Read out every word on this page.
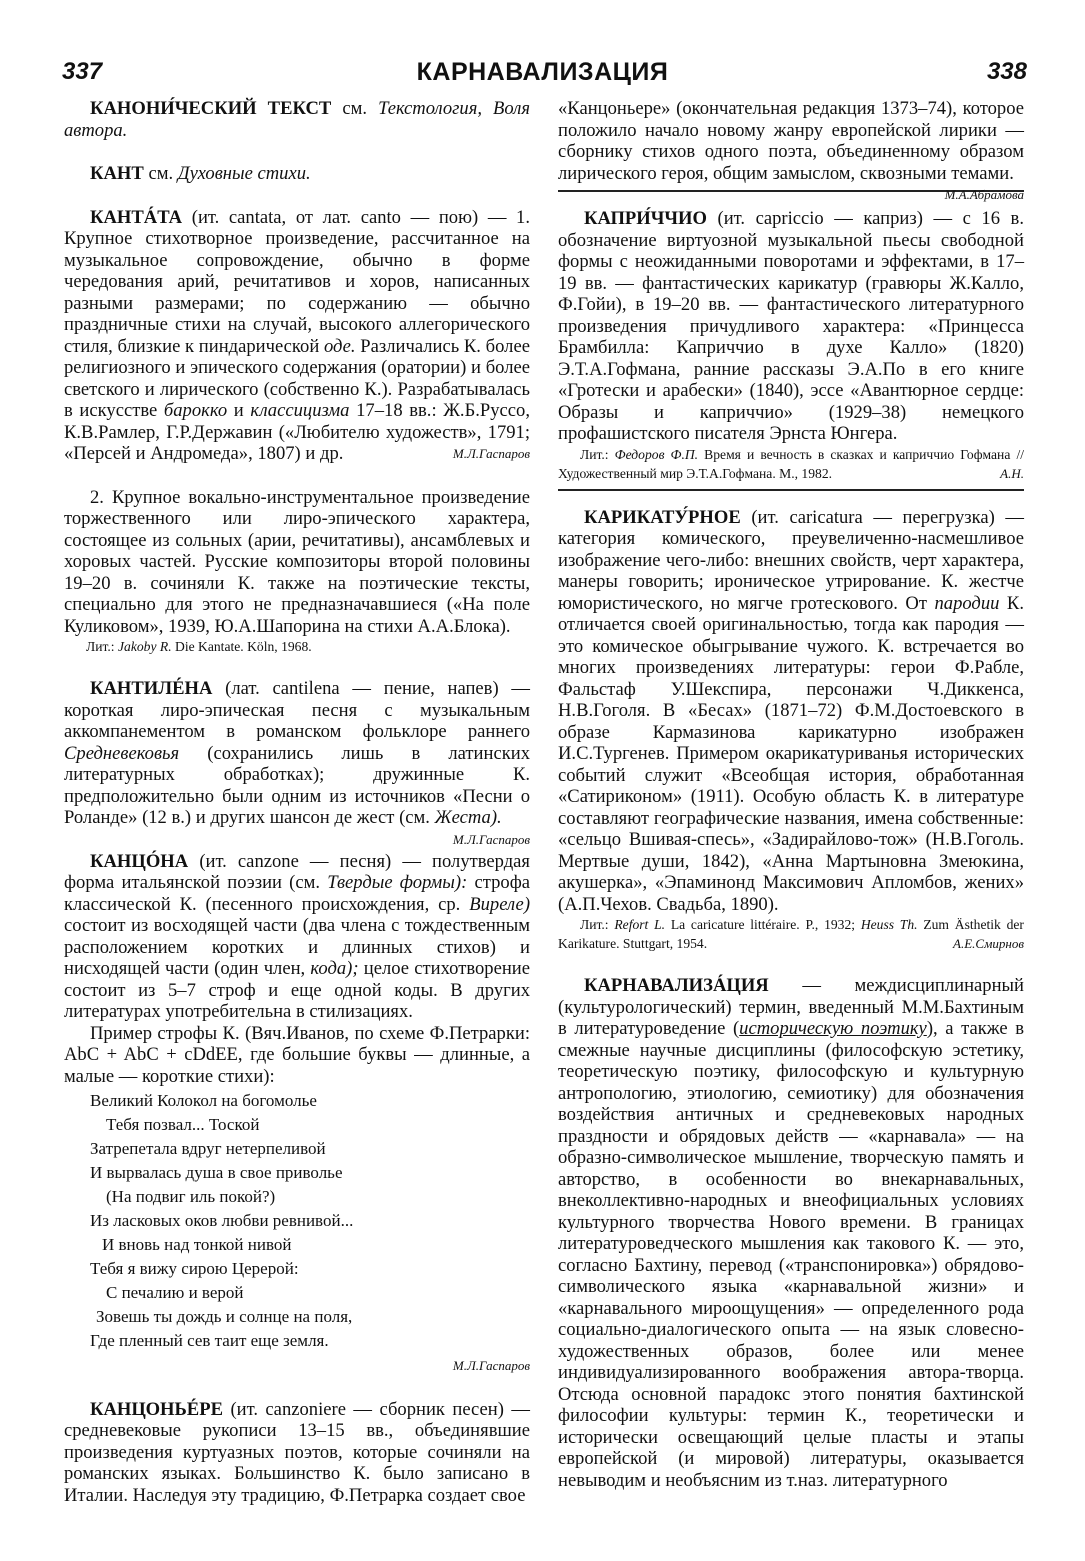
337	КАРНАВАЛИЗАЦИЯ	338

КАНОНИ́ЧЕСКИЙ ТЕКСТ см. Текстология, Воля автора.

КАНТ см. Духовные стихи.

КАНТÁТА (ит. cantata, от лат. canto — пою) — 1. Крупное стихотворное произведение, рассчитанное на музыкальное сопровождение, обычно в форме чередования арий, речитативов и хоров, написанных разными размерами; по содержанию — обычно праздничные стихи на случай, высокого аллегорического стиля, близкие к пиндарической оде. Различались К. более религиозного и эпического содержания (оратории) и более светского и лирического (собственно К.). Разрабатывалась в искусстве барокко и классицизма 17–18 вв.: Ж.Б.Руссо, К.В.Рамлер, Г.Р.Державин («Любителю художеств», 1791; «Персей и Андромеда», 1807) и др.	М.Л.Гаспаров

2. Крупное вокально-инструментальное произведение торжественного или лиро-эпического характера, состоящее из сольных (арии, речитативы), ансамблевых и хоровых частей. Русские композиторы второй половины 19–20 в. сочиняли К. также на поэтические тексты, специально для этого не предназначавшиеся («На поле Куликовом», 1939, Ю.А.Шапорина на стихи А.А.Блока).

Лит.: Jakoby R. Die Kantate. Köln, 1968.

КАНТИЛÉНА (лат. cantilena — пение, напев) — короткая лиро-эпическая песня с музыкальным аккомпанементом в романском фольклоре раннего Средневековья (сохранились лишь в латинских литературных обработках); дружинные К. предположительно были одним из источников «Песни о Роланде» (12 в.) и других шансон де жест (см. Жеста).
М.Л.Гаспаров

КАНЦÓНА (ит. canzone — песня) — полутвердая форма итальянской поэзии (см. Твердые формы): строфа классической К. (песенного происхождения, ср. Виреле) состоит из восходящей части (два члена с тождественным расположением коротких и длинных стихов) и нисходящей части (один член, кода); целое стихотворение состоит из 5–7 строф и еще одной коды. В других литературах употребительна в стилизациях.

Пример строфы К. (Вяч.Иванов, по схеме Ф.Петрарки: AbC + AbC + cDdEE, где большие буквы — длинные, а малые — короткие стихи):

Великий Колокол на богомолье
Тебя позвал... Тоской
Затрепетала вдруг нетерпеливой
И вырвалась душа в свое приволье
(На подвиг иль покой?)
Из ласковых оков любви ревнивой...
И вновь над тонкой нивой
Тебя я вижу сирою Церерой:
С печалию и верой
Зовешь ты дождь и солнце на поля,
Где пленный сев таит еще земля.

М.Л.Гаспаров

КАНЦОНЬÉРЕ (ит. canzoniere — сборник песен) — средневековые рукописи 13–15 вв., объединявшие произведения куртуазных поэтов, которые сочиняли на романских языках. Большинство К. было записано в Италии. Наследуя эту традицию, Ф.Петрарка создает свое

«Канцоньере» (окончательная редакция 1373–74), которое положило начало новому жанру европейской лирики — сборнику стихов одного поэта, объединенному образом лирического героя, общим замыслом, сквозными темами.
М.А.Абрамова

КАПРИ́ЧЧИО (ит. capriccio — каприз) — с 16 в. обозначение виртуозной музыкальной пьесы свободной формы с неожиданными поворотами и эффектами, в 17–19 вв. — фантастических карикатур (гравюры Ж.Калло, Ф.Гойи), в 19–20 вв. — фантастического литературного произведения причудливого характера: «Принцесса Брамбилла: Каприччио в духе Калло» (1820) Э.Т.А.Гофмана, ранние рассказы Э.А.По в его книге «Гротески и арабески» (1840), эссе «Авантюрное сердце: Образы и каприччио» (1929–38) немецкого профашистского писателя Эрнста Юнгера.

Лит.: Федоров Ф.П. Время и вечность в сказках и каприччио Гофмана // Художественный мир Э.Т.А.Гофмана. М., 1982.	А.Н.

КАРИКАТУ́РНОЕ (ит. caricatura — перегрузка) — категория комического, преувеличенно-насмешливое изображение чего-либо: внешних свойств, черт характера, манеры говорить; ироническое утрирование. К. жестче юмористического, но мягче гротескового. От пародии К. отличается своей оригинальностью, тогда как пародия — это комическое обыгрывание чужого. К. встречается во многих произведениях литературы: герои Ф.Рабле, Фальстаф У.Шекспира, персонажи Ч.Диккенса, Н.В.Гоголя. В «Бесах» (1871–72) Ф.М.Достоевского в образе Кармазинова карикатурно изображен И.С.Тургенев. Примером окарикатуриванья исторических событий служит «Всеобщая история, обработанная «Сатириконом» (1911). Особую область К. в литературе составляют географические названия, имена собственные: «сельцо Вшивая-спесь», «Задирайлово-тож» (Н.В.Гоголь. Мертвые души, 1842), «Анна Мартыновна Змеюкина, акушерка», «Эпаминонд Максимович Апломбов, жених» (А.П.Чехов. Свадьба, 1890).

Лит.: Refort L. La caricature littéraire. P., 1932; Heuss Th. Zum Ästhetik der Karikature. Stuttgart, 1954.	А.Е.Смирнов

КАРНАВАЛИЗÁЦИЯ — междисциплинарный (культурологический) термин, введенный М.М.Бахтиным в литературоведение (историческую поэтику), а также в смежные научные дисциплины (философскую эстетику, теоретическую поэтику, философскую и культурную антропологию, этиологию, семиотику) для обозначения воздействия античных и средневековых народных праздности и обрядовых действ — «карнавала» — на образно-символическое мышление, творческую память и авторство, в особенности во внекарнавальных, внеколлективно-народных и внеофициальных условиях культурного творчества Нового времени. В границах литературоведческого мышления как такового К. — это, согласно Бахтину, перевод («транспонировка») обрядово-символического языка «карнавальной жизни» и «карнавального мироощущения» — определенного рода социально-диалогического опыта — на язык словесно-художественных образов, более или менее индивидуализированного воображения автора-творца. Отсюда основной парадокс этого понятия бахтинской философии культуры: термин К., теоретически и исторически освещающий целые пласты и этапы европейской (и мировой) литературы, оказывается невыводим и необъясним из т.наз. литературного
